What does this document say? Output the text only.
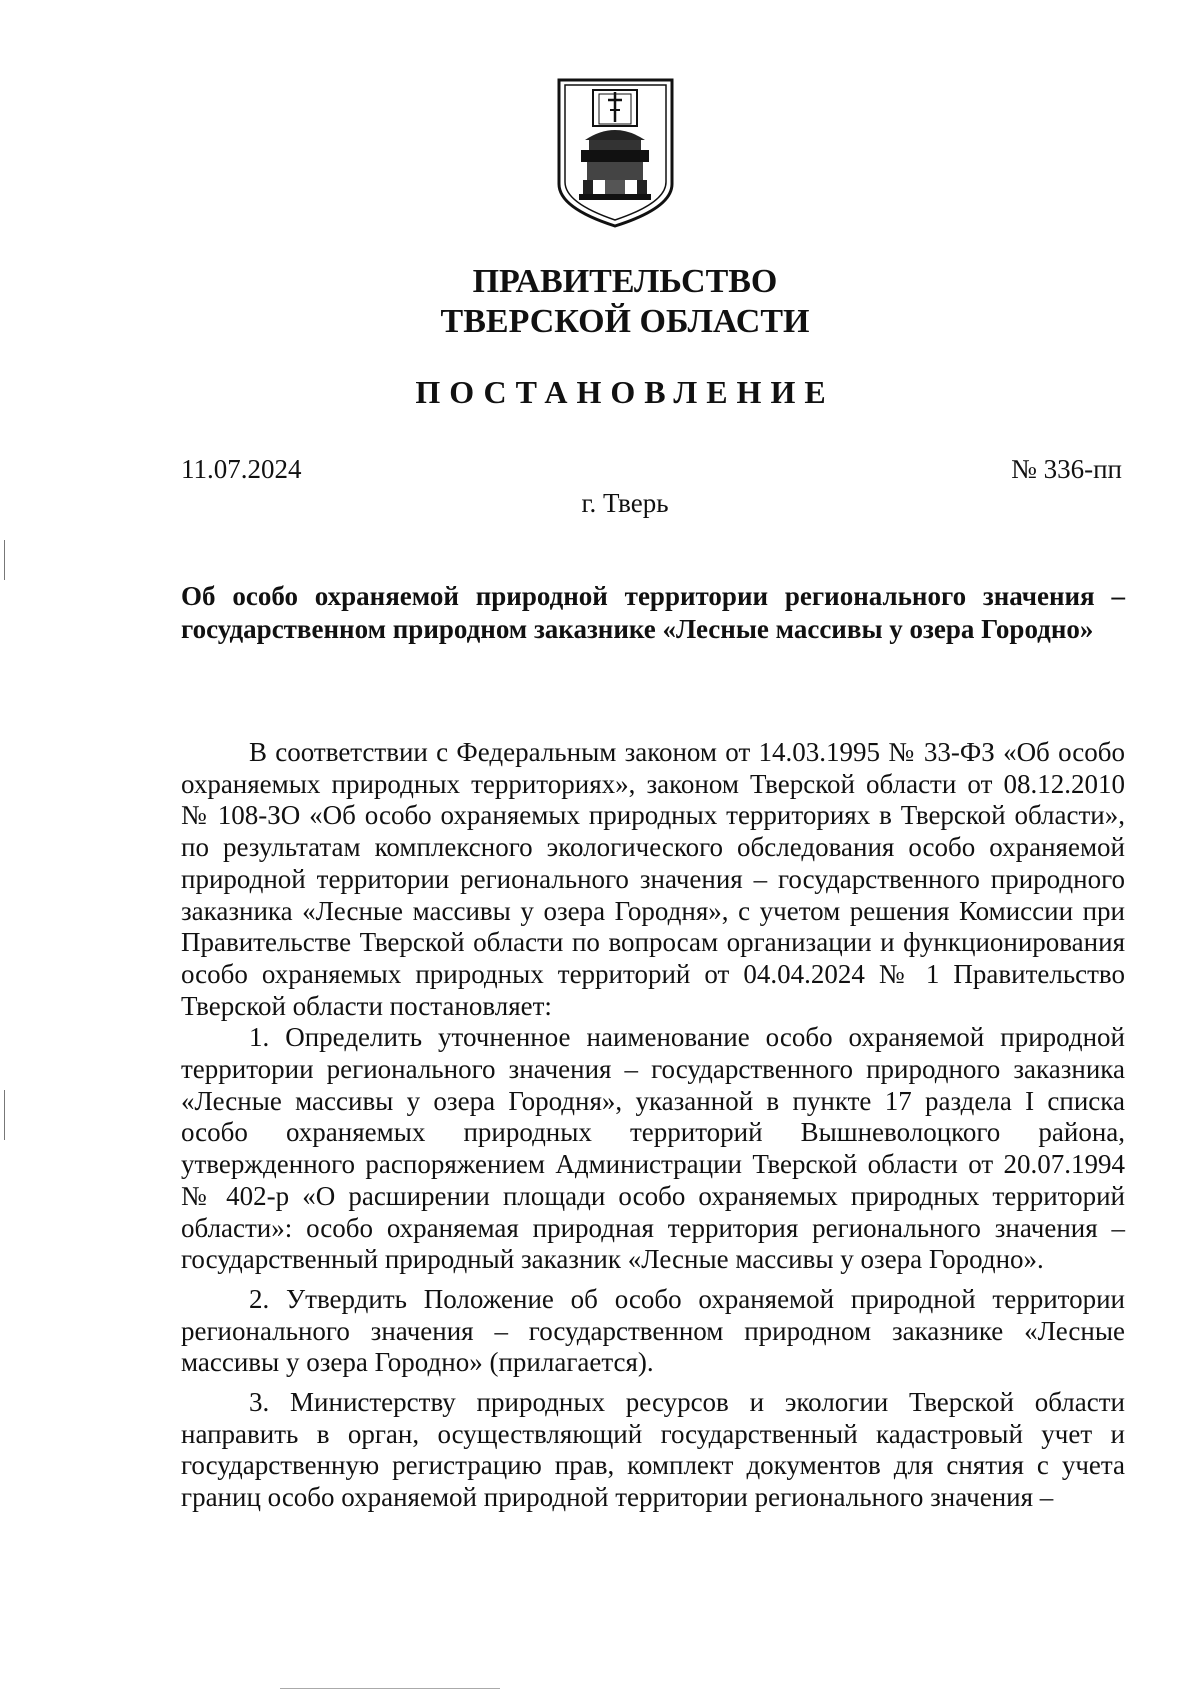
ПРАВИТЕЛЬСТВО
ТВЕРСКОЙ ОБЛАСТИ
ПОСТАНОВЛЕНИЕ
11.07.2024	№ 336-пп
г. Тверь
Об особо охраняемой природной территории регионального значения – государственном природном заказнике «Лесные массивы у озера Городно»

В соответствии с Федеральным законом от 14.03.1995 № 33-ФЗ «Об особо охраняемых природных территориях», законом Тверской области от 08.12.2010 № 108-ЗО «Об особо охраняемых природных территориях в Тверской области», по результатам комплексного экологического обследования особо охраняемой природной территории регионального значения – государственного природного заказника «Лесные массивы у озера Городня», с учетом решения Комиссии при Правительстве Тверской области по вопросам организации и функционирования особо охраняемых природных территорий от 04.04.2024 № 1 Правительство Тверской области постановляет:

1. Определить уточненное наименование особо охраняемой природной территории регионального значения – государственного природного заказника «Лесные массивы у озера Городня», указанной в пункте 17 раздела I списка особо охраняемых природных территорий Вышневолоцкого района, утвержденного распоряжением Администрации Тверской области от 20.07.1994 № 402-р «О расширении площади особо охраняемых природных территорий области»: особо охраняемая природная территория регионального значения – государственный природный заказник «Лесные массивы у озера Городно».

2. Утвердить Положение об особо охраняемой природной территории регионального значения – государственном природном заказнике «Лесные массивы у озера Городно» (прилагается).

3. Министерству природных ресурсов и экологии Тверской области направить в орган, осуществляющий государственный кадастровый учет и государственную регистрацию прав, комплект документов для снятия с учета границ особо охраняемой природной территории регионального значения –
